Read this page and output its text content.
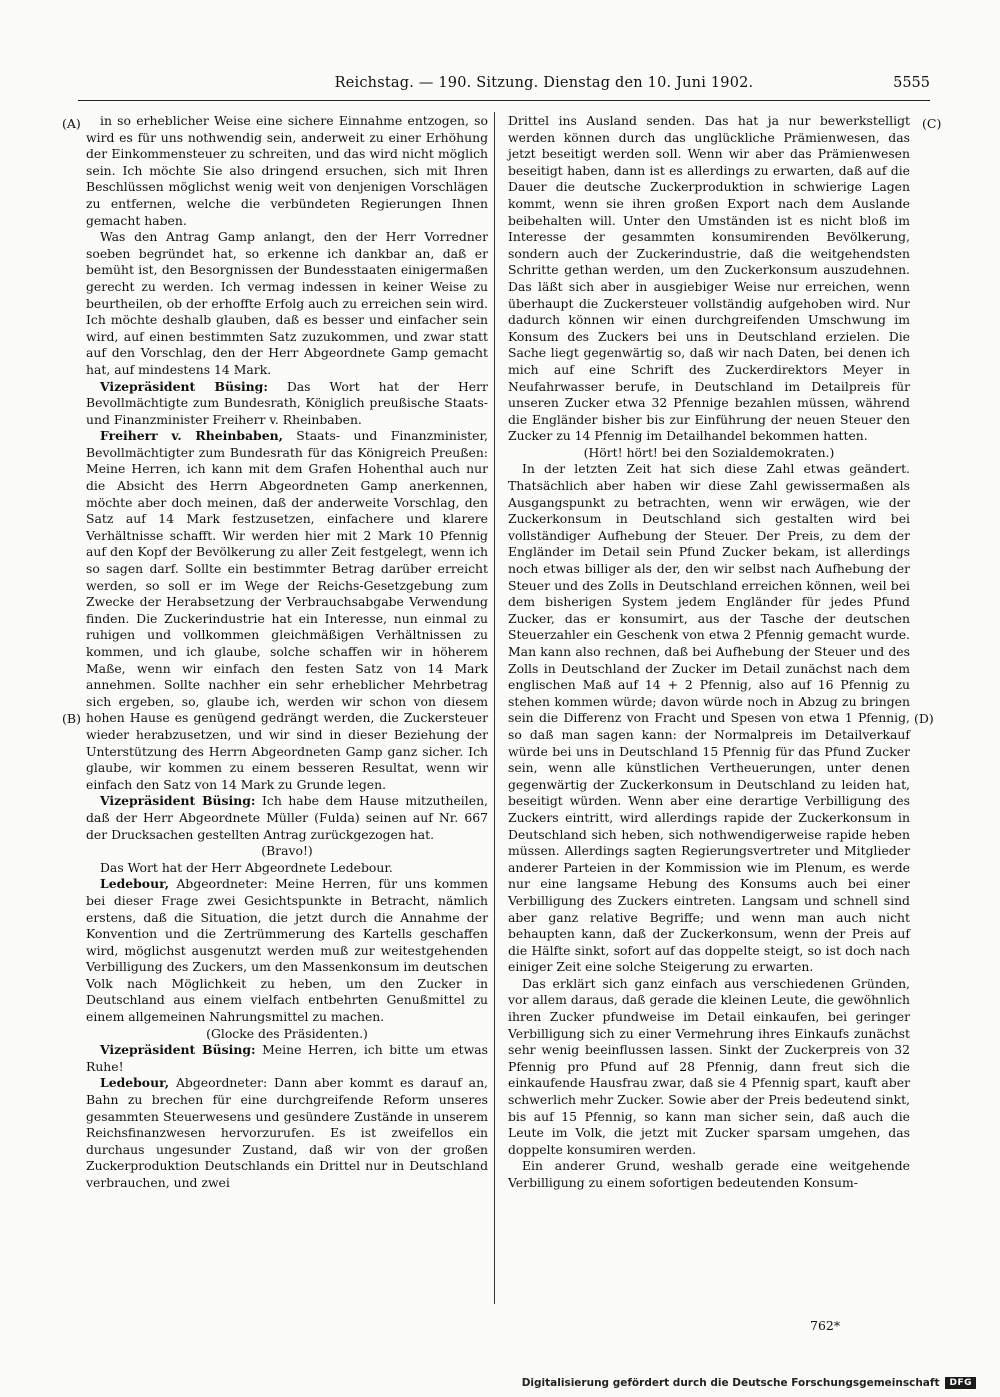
Reichstag. — 190. Sitzung. Dienstag den 10. Juni 1902.	5555
(A)
(B)
(C)
(D)

in so erheblicher Weise eine sichere Einnahme entzogen, so wird es für uns nothwendig sein, anderweit zu einer Erhöhung der Einkommensteuer zu schreiten, und das wird nicht möglich sein. Ich möchte Sie also dringend ersuchen, sich mit Ihren Beschlüssen möglichst wenig weit von denjenigen Vorschlägen zu entfernen, welche die verbündeten Regierungen Ihnen gemacht haben.

Was den Antrag Gamp anlangt, den der Herr Vorredner soeben begründet hat, so erkenne ich dankbar an, daß er bemüht ist, den Besorgnissen der Bundesstaaten einigermaßen gerecht zu werden. Ich vermag indessen in keiner Weise zu beurtheilen, ob der erhoffte Erfolg auch zu erreichen sein wird. Ich möchte deshalb glauben, daß es besser und einfacher sein wird, auf einen bestimmten Satz zuzukommen, und zwar statt auf den Vorschlag, den der Herr Abgeordnete Gamp gemacht hat, auf mindestens 14 Mark.

Vizepräsident Büsing: Das Wort hat der Herr Bevollmächtigte zum Bundesrath, Königlich preußische Staats- und Finanzminister Freiherr v. Rheinbaben.

Freiherr v. Rheinbaben, Staats- und Finanzminister, Bevollmächtigter zum Bundesrath für das Königreich Preußen: Meine Herren, ich kann mit dem Grafen Hohenthal auch nur die Absicht des Herrn Abgeordneten Gamp anerkennen, möchte aber doch meinen, daß der anderweite Vorschlag, den Satz auf 14 Mark festzusetzen, einfachere und klarere Verhältnisse schafft. Wir werden hier mit 2 Mark 10 Pfennig auf den Kopf der Bevölkerung zu aller Zeit festgelegt, wenn ich so sagen darf. Sollte ein bestimmter Betrag darüber erreicht werden, so soll er im Wege der Reichs-Gesetzgebung zum Zwecke der Herabsetzung der Verbrauchsabgabe Verwendung finden. Die Zuckerindustrie hat ein Interesse, nun einmal zu ruhigen und vollkommen gleichmäßigen Verhältnissen zu kommen, und ich glaube, solche schaffen wir in höherem Maße, wenn wir einfach den festen Satz von 14 Mark annehmen. Sollte nachher ein sehr erheblicher Mehrbetrag sich ergeben, so, glaube ich, werden wir schon von diesem hohen Hause es genügend gedrängt werden, die Zuckersteuer wieder herabzusetzen, und wir sind in dieser Beziehung der Unterstützung des Herrn Abgeordneten Gamp ganz sicher. Ich glaube, wir kommen zu einem besseren Resultat, wenn wir einfach den Satz von 14 Mark zu Grunde legen.

Vizepräsident Büsing: Ich habe dem Hause mitzutheilen, daß der Herr Abgeordnete Müller (Fulda) seinen auf Nr. 667 der Drucksachen gestellten Antrag zurückgezogen hat.

(Bravo!)

Das Wort hat der Herr Abgeordnete Ledebour.

Ledebour, Abgeordneter: Meine Herren, für uns kommen bei dieser Frage zwei Gesichtspunkte in Betracht, nämlich erstens, daß die Situation, die jetzt durch die Annahme der Konvention und die Zertrümmerung des Kartells geschaffen wird, möglichst ausgenutzt werden muß zur weitestgehenden Verbilligung des Zuckers, um den Massenkonsum im deutschen Volk nach Möglichkeit zu heben, um den Zucker in Deutschland aus einem vielfach entbehrten Genußmittel zu einem allgemeinen Nahrungsmittel zu machen.

(Glocke des Präsidenten.)

Vizepräsident Büsing: Meine Herren, ich bitte um etwas Ruhe!

Ledebour, Abgeordneter: Dann aber kommt es darauf an, Bahn zu brechen für eine durchgreifende Reform unseres gesammten Steuerwesens und gesündere Zustände in unserem Reichsfinanzwesen hervorzurufen. Es ist zweifellos ein durchaus ungesunder Zustand, daß wir von der großen Zuckerproduktion Deutschlands ein Drittel nur in Deutschland verbrauchen, und zwei

Drittel ins Ausland senden. Das hat ja nur bewerkstelligt werden können durch das unglückliche Prämienwesen, das jetzt beseitigt werden soll. Wenn wir aber das Prämienwesen beseitigt haben, dann ist es allerdings zu erwarten, daß auf die Dauer die deutsche Zuckerproduktion in schwierige Lagen kommt, wenn sie ihren großen Export nach dem Auslande beibehalten will. Unter den Umständen ist es nicht bloß im Interesse der gesammten konsumirenden Bevölkerung, sondern auch der Zuckerindustrie, daß die weitgehendsten Schritte gethan werden, um den Zuckerkonsum auszudehnen. Das läßt sich aber in ausgiebiger Weise nur erreichen, wenn überhaupt die Zuckersteuer vollständig aufgehoben wird. Nur dadurch können wir einen durchgreifenden Umschwung im Konsum des Zuckers bei uns in Deutschland erzielen. Die Sache liegt gegenwärtig so, daß wir nach Daten, bei denen ich mich auf eine Schrift des Zuckerdirektors Meyer in Neufahrwasser berufe, in Deutschland im Detailpreis für unseren Zucker etwa 32 Pfennige bezahlen müssen, während die Engländer bisher bis zur Einführung der neuen Steuer den Zucker zu 14 Pfennig im Detailhandel bekommen hatten.

(Hört! hört! bei den Sozialdemokraten.)

In der letzten Zeit hat sich diese Zahl etwas geändert. Thatsächlich aber haben wir diese Zahl gewissermaßen als Ausgangspunkt zu betrachten, wenn wir erwägen, wie der Zuckerkonsum in Deutschland sich gestalten wird bei vollständiger Aufhebung der Steuer. Der Preis, zu dem der Engländer im Detail sein Pfund Zucker bekam, ist allerdings noch etwas billiger als der, den wir selbst nach Aufhebung der Steuer und des Zolls in Deutschland erreichen können, weil bei dem bisherigen System jedem Engländer für jedes Pfund Zucker, das er konsumirt, aus der Tasche der deutschen Steuerzahler ein Geschenk von etwa 2 Pfennig gemacht wurde. Man kann also rechnen, daß bei Aufhebung der Steuer und des Zolls in Deutschland der Zucker im Detail zunächst nach dem englischen Maß auf 14 + 2 Pfennig, also auf 16 Pfennig zu stehen kommen würde; davon würde noch in Abzug zu bringen sein die Differenz von Fracht und Spesen von etwa 1 Pfennig, so daß man sagen kann: der Normalpreis im Detailverkauf würde bei uns in Deutschland 15 Pfennig für das Pfund Zucker sein, wenn alle künstlichen Vertheuerungen, unter denen gegenwärtig der Zuckerkonsum in Deutschland zu leiden hat, beseitigt würden. Wenn aber eine derartige Verbilligung des Zuckers eintritt, wird allerdings rapide der Zuckerkonsum in Deutschland sich heben, sich nothwendigerweise rapide heben müssen. Allerdings sagten Regierungsvertreter und Mitglieder anderer Parteien in der Kommission wie im Plenum, es werde nur eine langsame Hebung des Konsums auch bei einer Verbilligung des Zuckers eintreten. Langsam und schnell sind aber ganz relative Begriffe; und wenn man auch nicht behaupten kann, daß der Zuckerkonsum, wenn der Preis auf die Hälfte sinkt, sofort auf das doppelte steigt, so ist doch nach einiger Zeit eine solche Steigerung zu erwarten.

Das erklärt sich ganz einfach aus verschiedenen Gründen, vor allem daraus, daß gerade die kleinen Leute, die gewöhnlich ihren Zucker pfundweise im Detail einkaufen, bei geringer Verbilligung sich zu einer Vermehrung ihres Einkaufs zunächst sehr wenig beeinflussen lassen. Sinkt der Zuckerpreis von 32 Pfennig pro Pfund auf 28 Pfennig, dann freut sich die einkaufende Hausfrau zwar, daß sie 4 Pfennig spart, kauft aber schwerlich mehr Zucker. Sowie aber der Preis bedeutend sinkt, bis auf 15 Pfennig, so kann man sicher sein, daß auch die Leute im Volk, die jetzt mit Zucker sparsam umgehen, das doppelte konsumiren werden.

Ein anderer Grund, weshalb gerade eine weitgehende Verbilligung zu einem sofortigen bedeutenden Konsum-

762*
Digitalisierung gefördert durch die Deutsche Forschungsgemeinschaft	DFG
